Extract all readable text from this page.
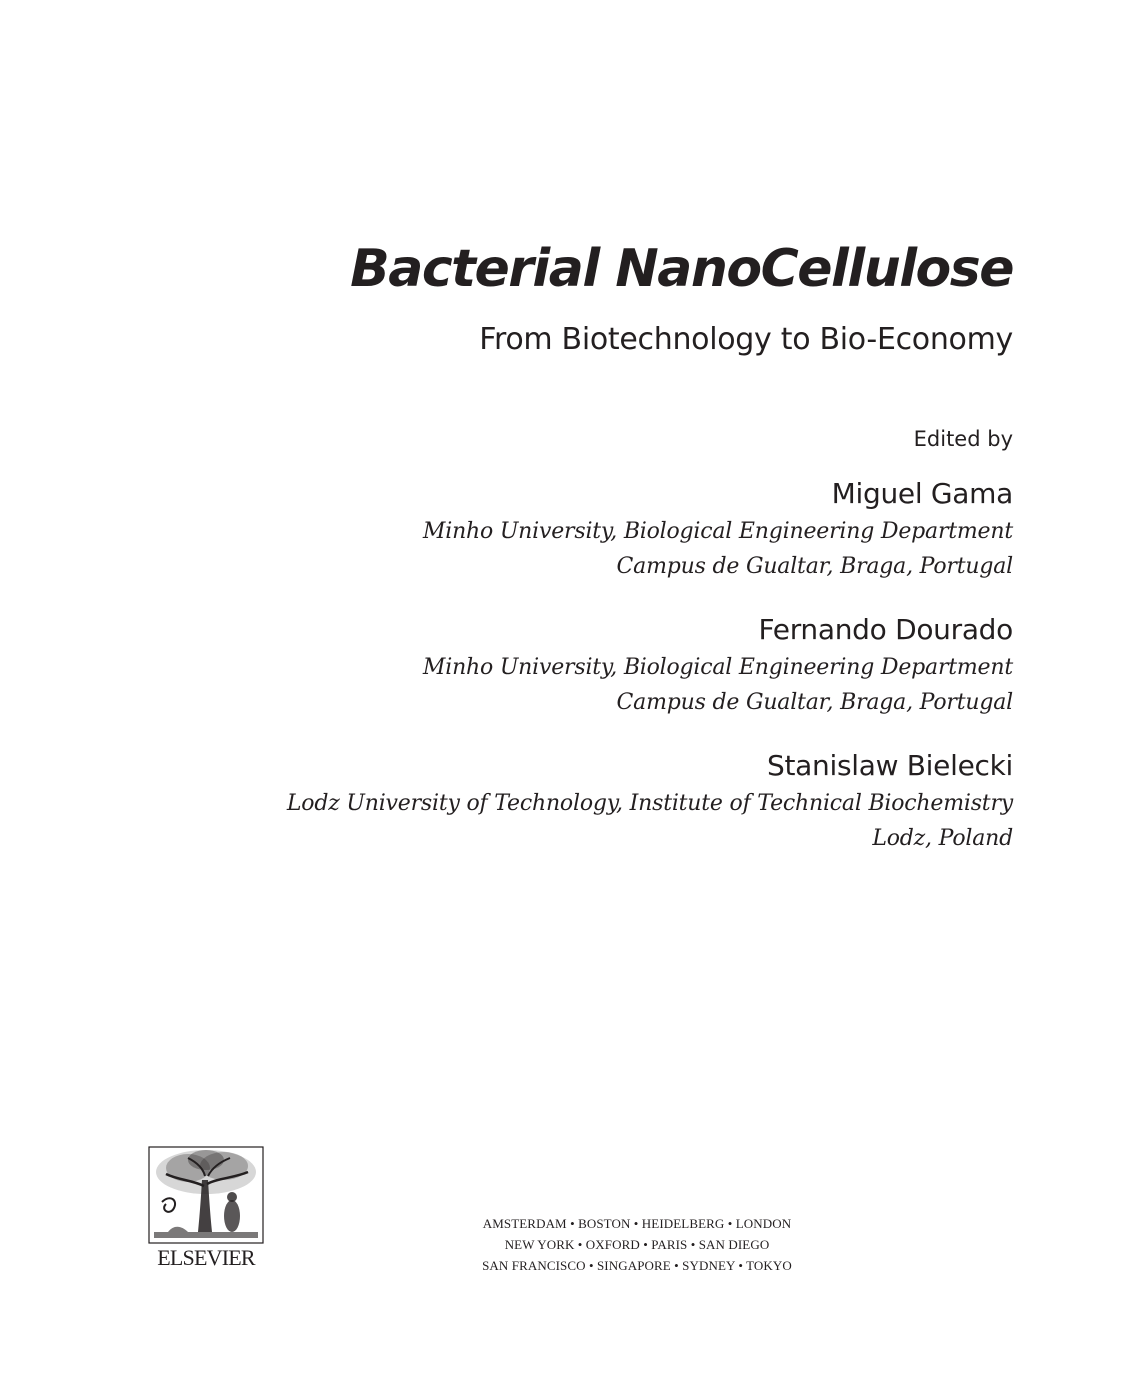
Bacterial NanoCellulose
From Biotechnology to Bio-Economy
Edited by
Miguel Gama
Minho University, Biological Engineering Department
Campus de Gualtar, Braga, Portugal
Fernando Dourado
Minho University, Biological Engineering Department
Campus de Gualtar, Braga, Portugal
Stanislaw Bielecki
Lodz University of Technology, Institute of Technical Biochemistry
Lodz, Poland
ELSEVIER
AMSTERDAM • BOSTON • HEIDELBERG • LONDON
NEW YORK • OXFORD • PARIS • SAN DIEGO
SAN FRANCISCO • SINGAPORE • SYDNEY • TOKYO
